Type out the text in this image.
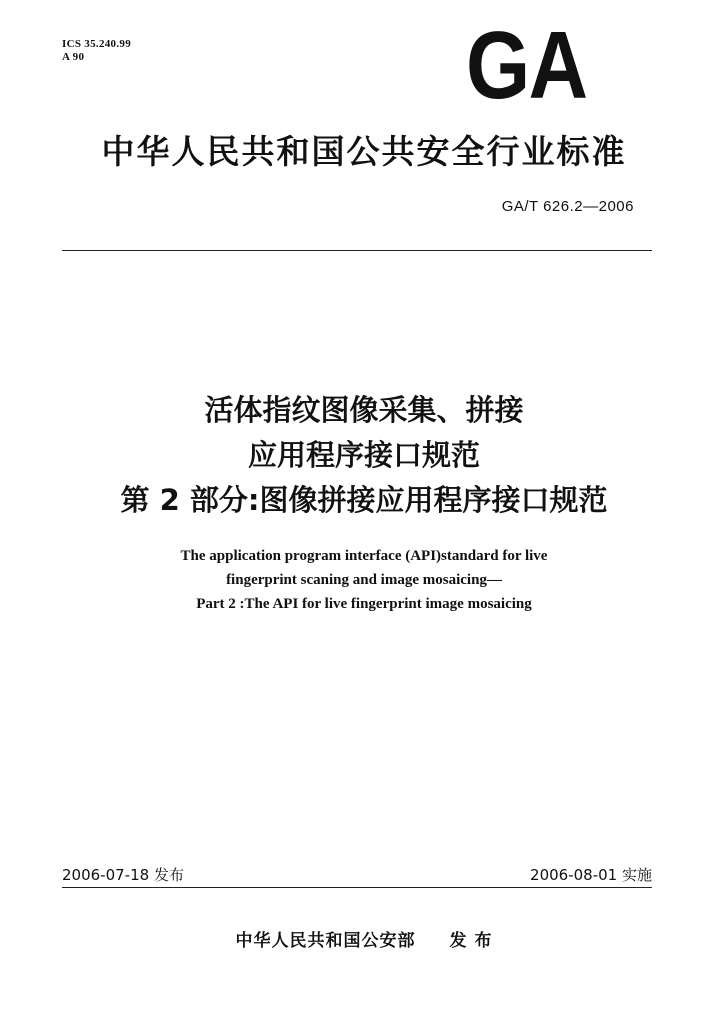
ICS 35.240.99
A 90	GA
中华人民共和国公共安全行业标准
GA/T 626.2—2006
活体指纹图像采集、拼接
应用程序接口规范
第 2 部分:图像拼接应用程序接口规范
The application program interface (API)standard for live
fingerprint scaning and image mosaicing—
Part 2 :The API for live fingerprint image mosaicing
2006-07-18 发布	2006-08-01 实施
中华人民共和国公安部 发 布
